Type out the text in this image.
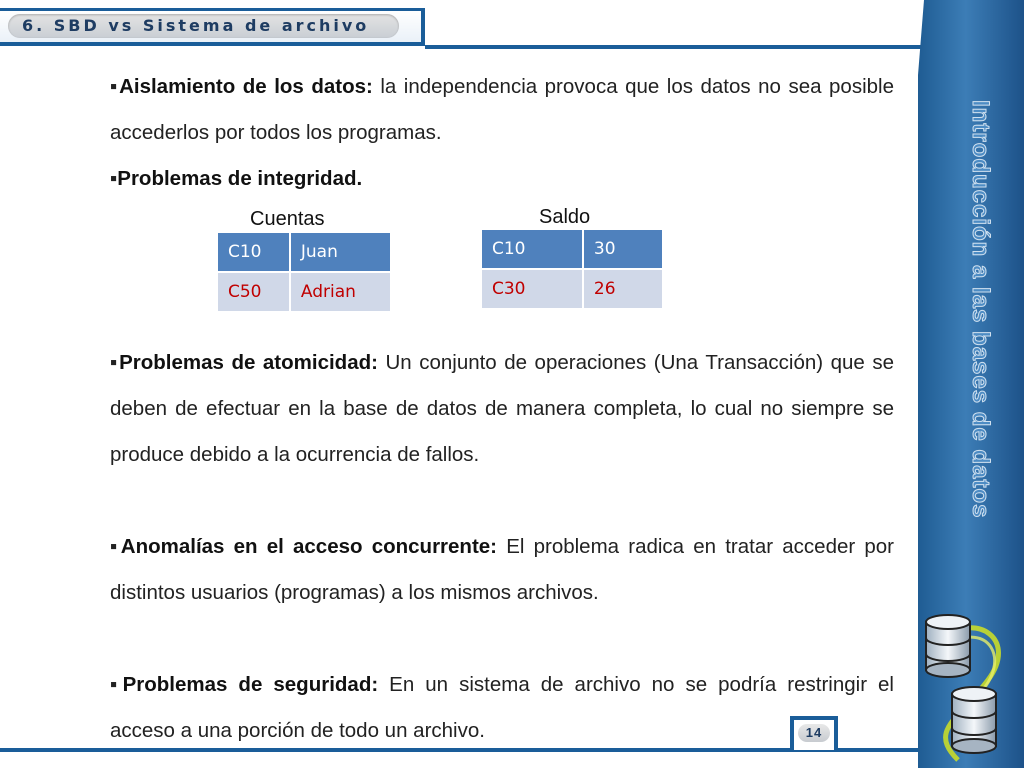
6. SBD vs Sistema de archivo
Introducción a las bases de datos
▪Aislamiento de los datos: la independencia provoca que los datos no sea posible accederlos por todos los programas.
▪Problemas de integridad.
Cuentas	Saldo
C10	Juan
C50	Adrian
C10	30
C30	26
▪Problemas de atomicidad: Un conjunto de operaciones (Una Transacción) que se deben de efectuar en la base de datos de manera completa, lo cual no siempre se produce debido a la ocurrencia de fallos.
▪Anomalías en el acceso concurrente: El problema radica en tratar acceder por distintos usuarios (programas) a los mismos archivos.
▪Problemas de seguridad: En un sistema de archivo no se podría restringir el acceso a una porción de todo un archivo.	14
